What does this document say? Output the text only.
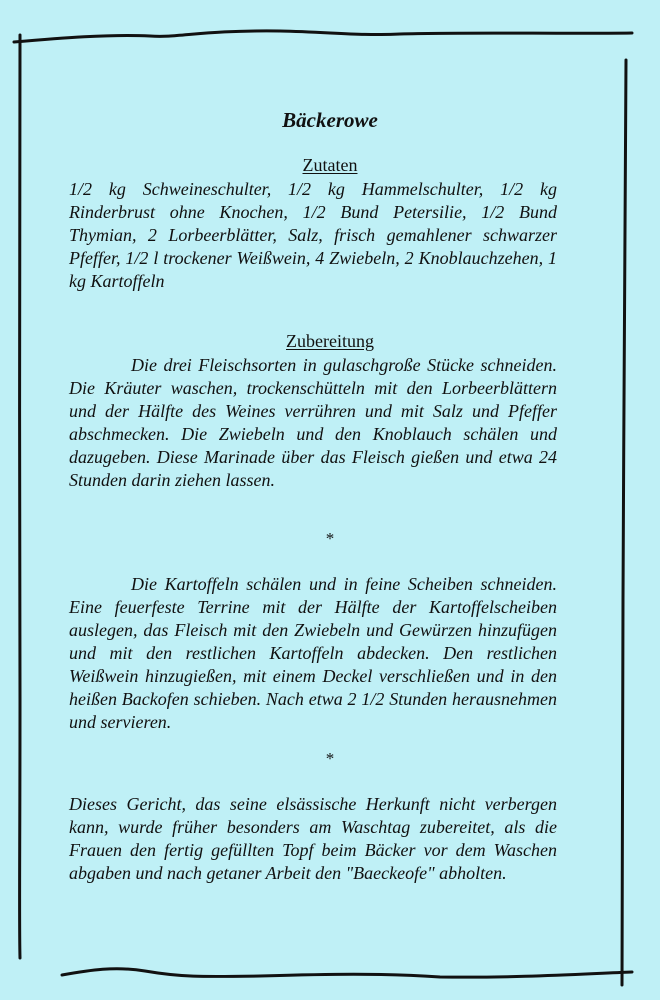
Bäckerowe
Zutaten
1/2 kg Schweineschulter, 1/2 kg Hammelschulter, 1/2 kg Rinderbrust ohne Knochen, 1/2 Bund Petersilie, 1/2 Bund Thymian, 2 Lorbeerblätter, Salz, frisch gemahlener schwarzer Pfeffer, 1/2 l trockener Weißwein, 4 Zwiebeln, 2 Knoblauchzehen, 1 kg Kartoffeln
Zubereitung
Die drei Fleischsorten in gulaschgroße Stücke schneiden. Die Kräuter waschen, trockenschütteln mit den Lorbeerblättern und der Hälfte des Weines verrühren und mit Salz und Pfeffer abschmecken. Die Zwiebeln und den Knoblauch schälen und dazugeben. Diese Marinade über das Fleisch gießen und etwa 24 Stunden darin ziehen lassen.
*
Die Kartoffeln schälen und in feine Scheiben schneiden. Eine feuerfeste Terrine mit der Hälfte der Kartoffelscheiben auslegen, das Fleisch mit den Zwiebeln und Gewürzen hinzufügen und mit den restlichen Kartoffeln abdecken. Den restlichen Weißwein hinzugießen, mit einem Deckel verschließen und in den heißen Backofen schieben. Nach etwa 2 1/2 Stunden herausnehmen und servieren.
*
Dieses Gericht, das seine elsässische Herkunft nicht verbergen kann, wurde früher besonders am Waschtag zubereitet, als die Frauen den fertig gefüllten Topf beim Bäcker vor dem Waschen abgaben und nach getaner Arbeit den "Baeckeofe" abholten.
